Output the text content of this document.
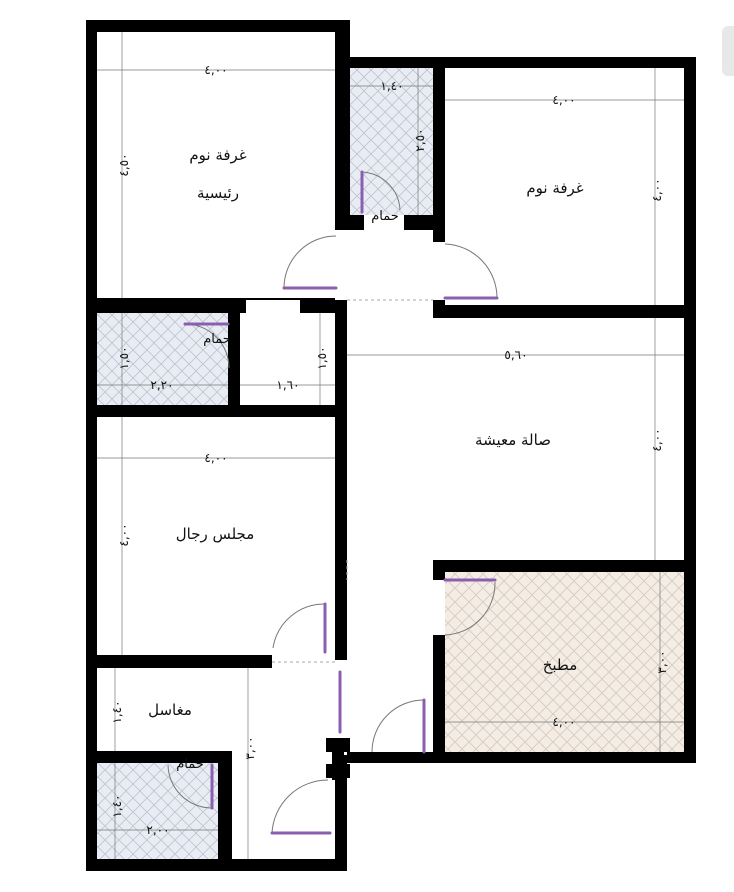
غرفة نوم
رئيسية
حمام
غرفة نوم
حمام
صالة معيشة
مجلس رجال
مطبخ
مغاسل
حمام
٤,٠٠
٤,٥٠
١,٤٠
٢,٥٠
٤,٠٠
٤,٠٠
١,٥٠
٢,٢٠	١,٦٠
١,٥٠	٥,٦٠
٤,٠٠
٤,٠٠
٤,٠٠
٤,٠٠
٣,٠٠
١,٤٠
٣,٠٠
١,٤٠
٢,٠٠
